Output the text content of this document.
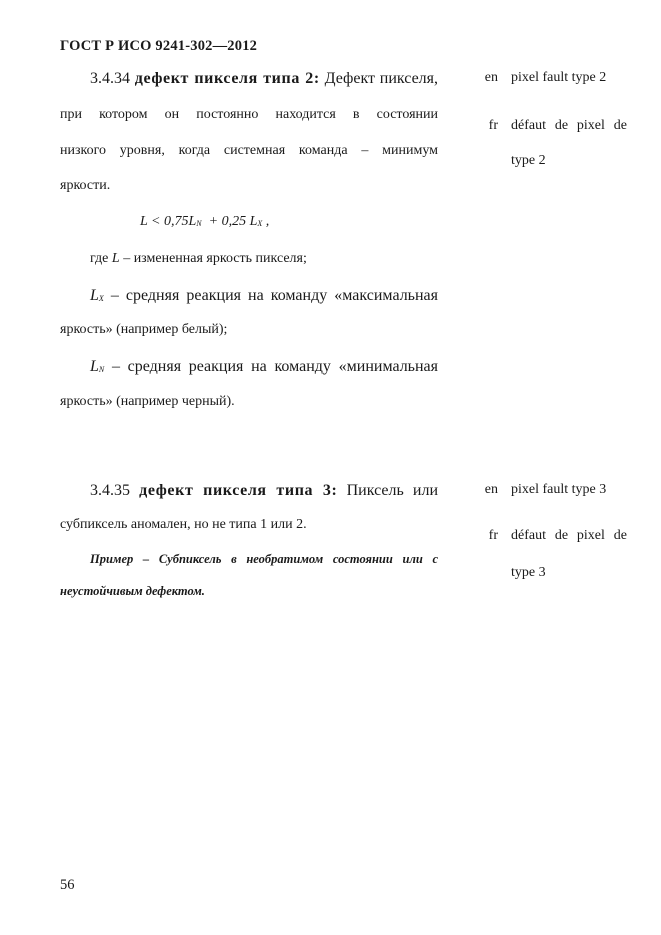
ГОСТ Р ИСО 9241-302—2012
3.4.34 дефект пикселя типа 2: Дефект пикселя,
при котором он постоянно находится в состоянии
низкого уровня, когда системная команда – минимум
яркости.
$L < 0,75L_N + 0,25$ $L_X$ ,
где L – измененная яркость пикселя;
$L_X$ – средняя реакция на команду «максимальная
яркость» (например белый);
$L_N$ – средняя реакция на команду «минимальная
яркость» (например черный).
en pixel fault type 2
fr défaut de pixel de
type 2
3.4.35 дефект пикселя типа 3: Пиксель или
субпиксель аномален, но не типа 1 или 2.
Пример – Субпиксель в необратимом состоянии или с
неустойчивым дефектом.
en pixel fault type 3
fr défaut de pixel de
type 3
56
